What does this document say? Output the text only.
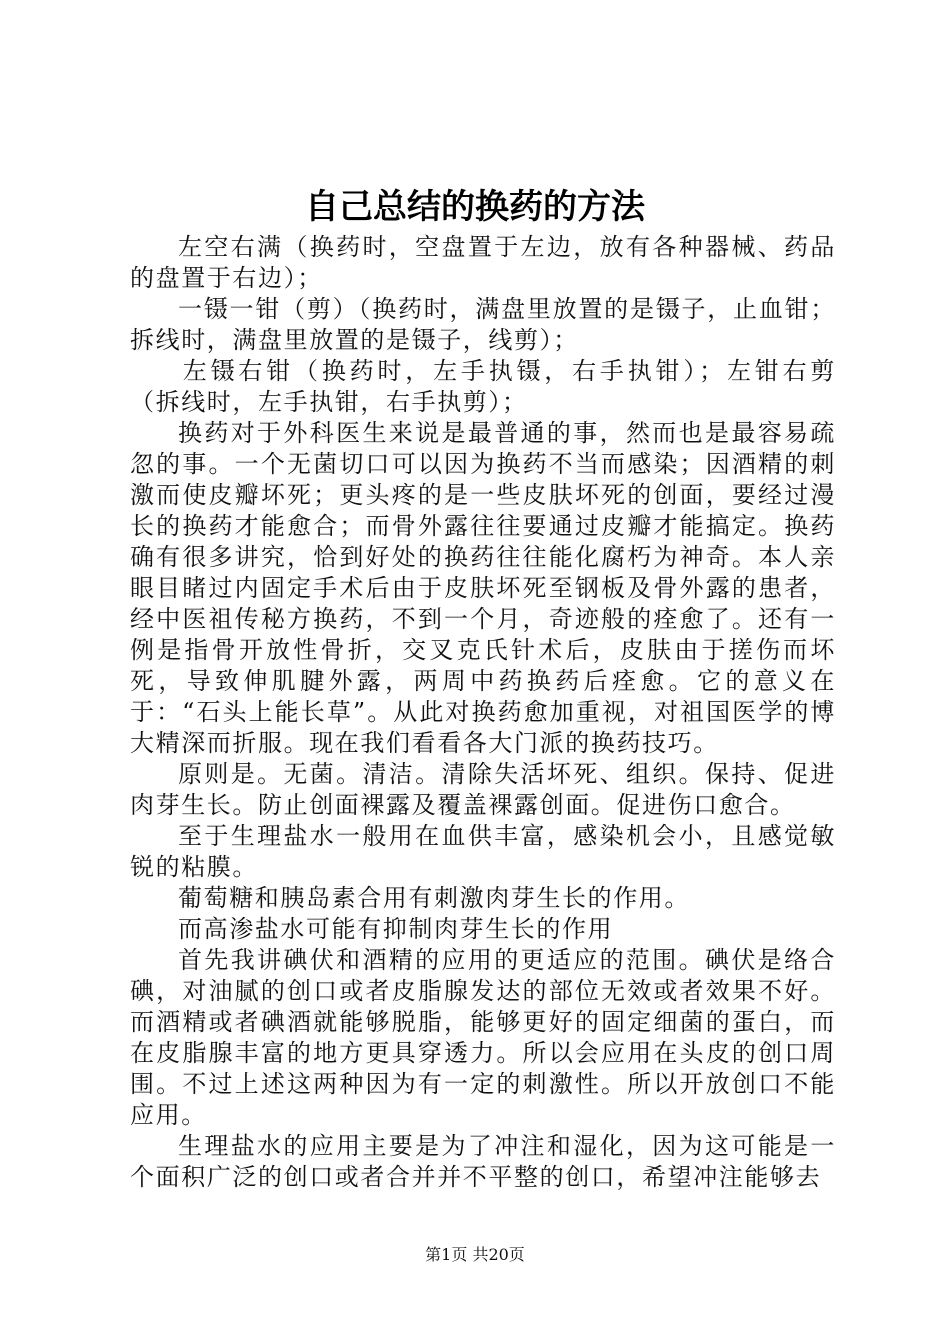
自己总结的换药的方法

左空右满（换药时，空盘置于左边，放有各种器械、药品的盘置于右边）；

一镊一钳（剪）（换药时，满盘里放置的是镊子，止血钳；拆线时，满盘里放置的是镊子，线剪）；

左镊右钳（换药时，左手执镊，右手执钳）；左钳右剪（拆线时，左手执钳，右手执剪）；

换药对于外科医生来说是最普通的事，然而也是最容易疏忽的事。一个无菌切口可以因为换药不当而感染；因酒精的刺激而使皮瓣坏死；更头疼的是一些皮肤坏死的创面，要经过漫长的换药才能愈合；而骨外露往往要通过皮瓣才能搞定。换药确有很多讲究，恰到好处的换药往往能化腐朽为神奇。本人亲眼目睹过内固定手术后由于皮肤坏死至钢板及骨外露的患者，经中医祖传秘方换药，不到一个月，奇迹般的痊愈了。还有一例是指骨开放性骨折，交叉克氏针术后，皮肤由于搓伤而坏死，导致伸肌腱外露，两周中药换药后痊愈。它的意义在于：“石头上能长草”。从此对换药愈加重视，对祖国医学的博大精深而折服。现在我们看看各大门派的换药技巧。

原则是。无菌。清洁。清除失活坏死、组织。保持、促进肉芽生长。防止创面裸露及覆盖裸露创面。促进伤口愈合。

至于生理盐水一般用在血供丰富，感染机会小，且感觉敏锐的粘膜。

葡萄糖和胰岛素合用有刺激肉芽生长的作用。

而高渗盐水可能有抑制肉芽生长的作用

首先我讲碘伏和酒精的应用的更适应的范围。碘伏是络合碘，对油腻的创口或者皮脂腺发达的部位无效或者效果不好。而酒精或者碘酒就能够脱脂，能够更好的固定细菌的蛋白，而在皮脂腺丰富的地方更具穿透力。所以会应用在头皮的创口周围。不过上述这两种因为有一定的刺激性。所以开放创口不能应用。

生理盐水的应用主要是为了冲注和湿化，因为这可能是一个面积广泛的创口或者合并并不平整的创口，希望冲注能够去

第1页 共20页
